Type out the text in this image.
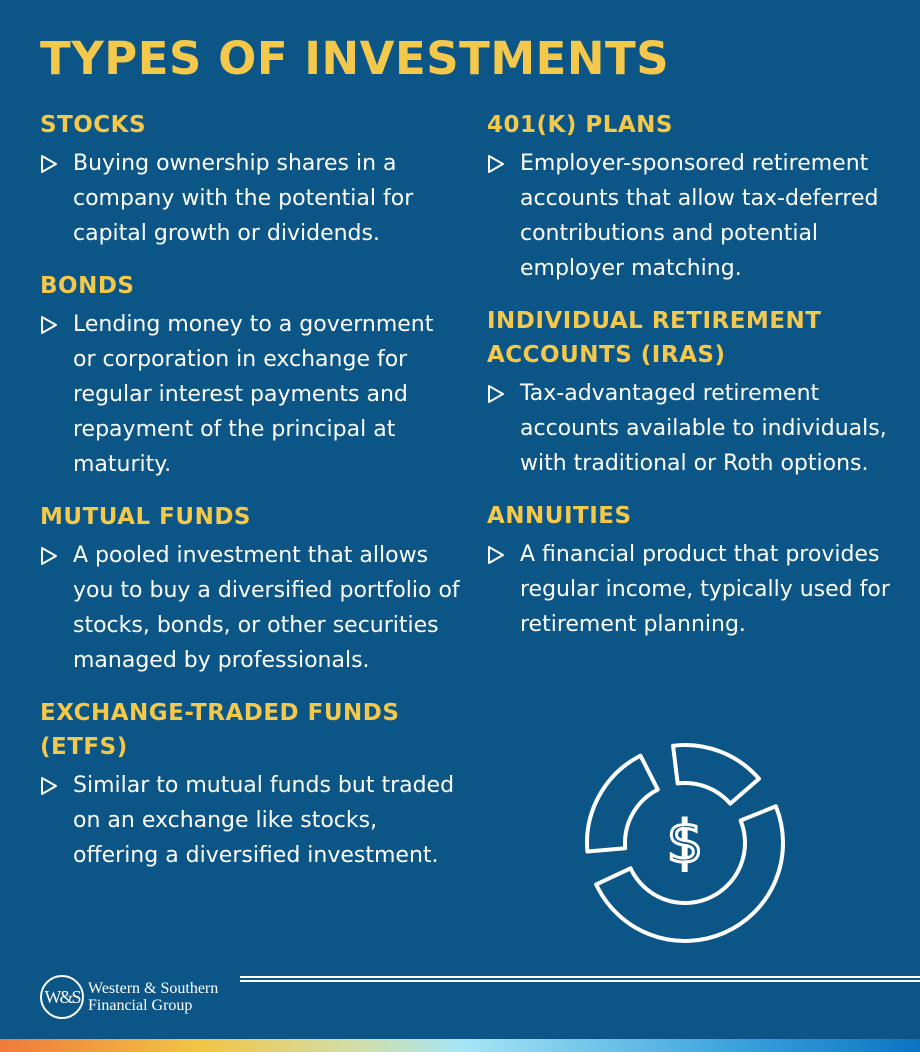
TYPES OF INVESTMENTS
STOCKS

Buying ownership shares in a company with the potential for capital growth or dividends.

BONDS

Lending money to a government or corporation in exchange for regular interest payments and repayment of the principal at maturity.

MUTUAL FUNDS

A pooled investment that allows you to buy a diversified portfolio of stocks, bonds, or other securities managed by professionals.

EXCHANGE-TRADED FUNDS (ETFS)

Similar to mutual funds but traded on an exchange like stocks, offering a diversified investment.

401(K) PLANS

Employer-sponsored retirement accounts that allow tax-deferred contributions and potential employer matching.

INDIVIDUAL RETIREMENT ACCOUNTS (IRAS)

Tax-advantaged retirement accounts available to individuals, with traditional or Roth options.

ANNUITIES

A financial product that provides regular income, typically used for retirement planning.

$
W&S Western & Southern
Financial Group
